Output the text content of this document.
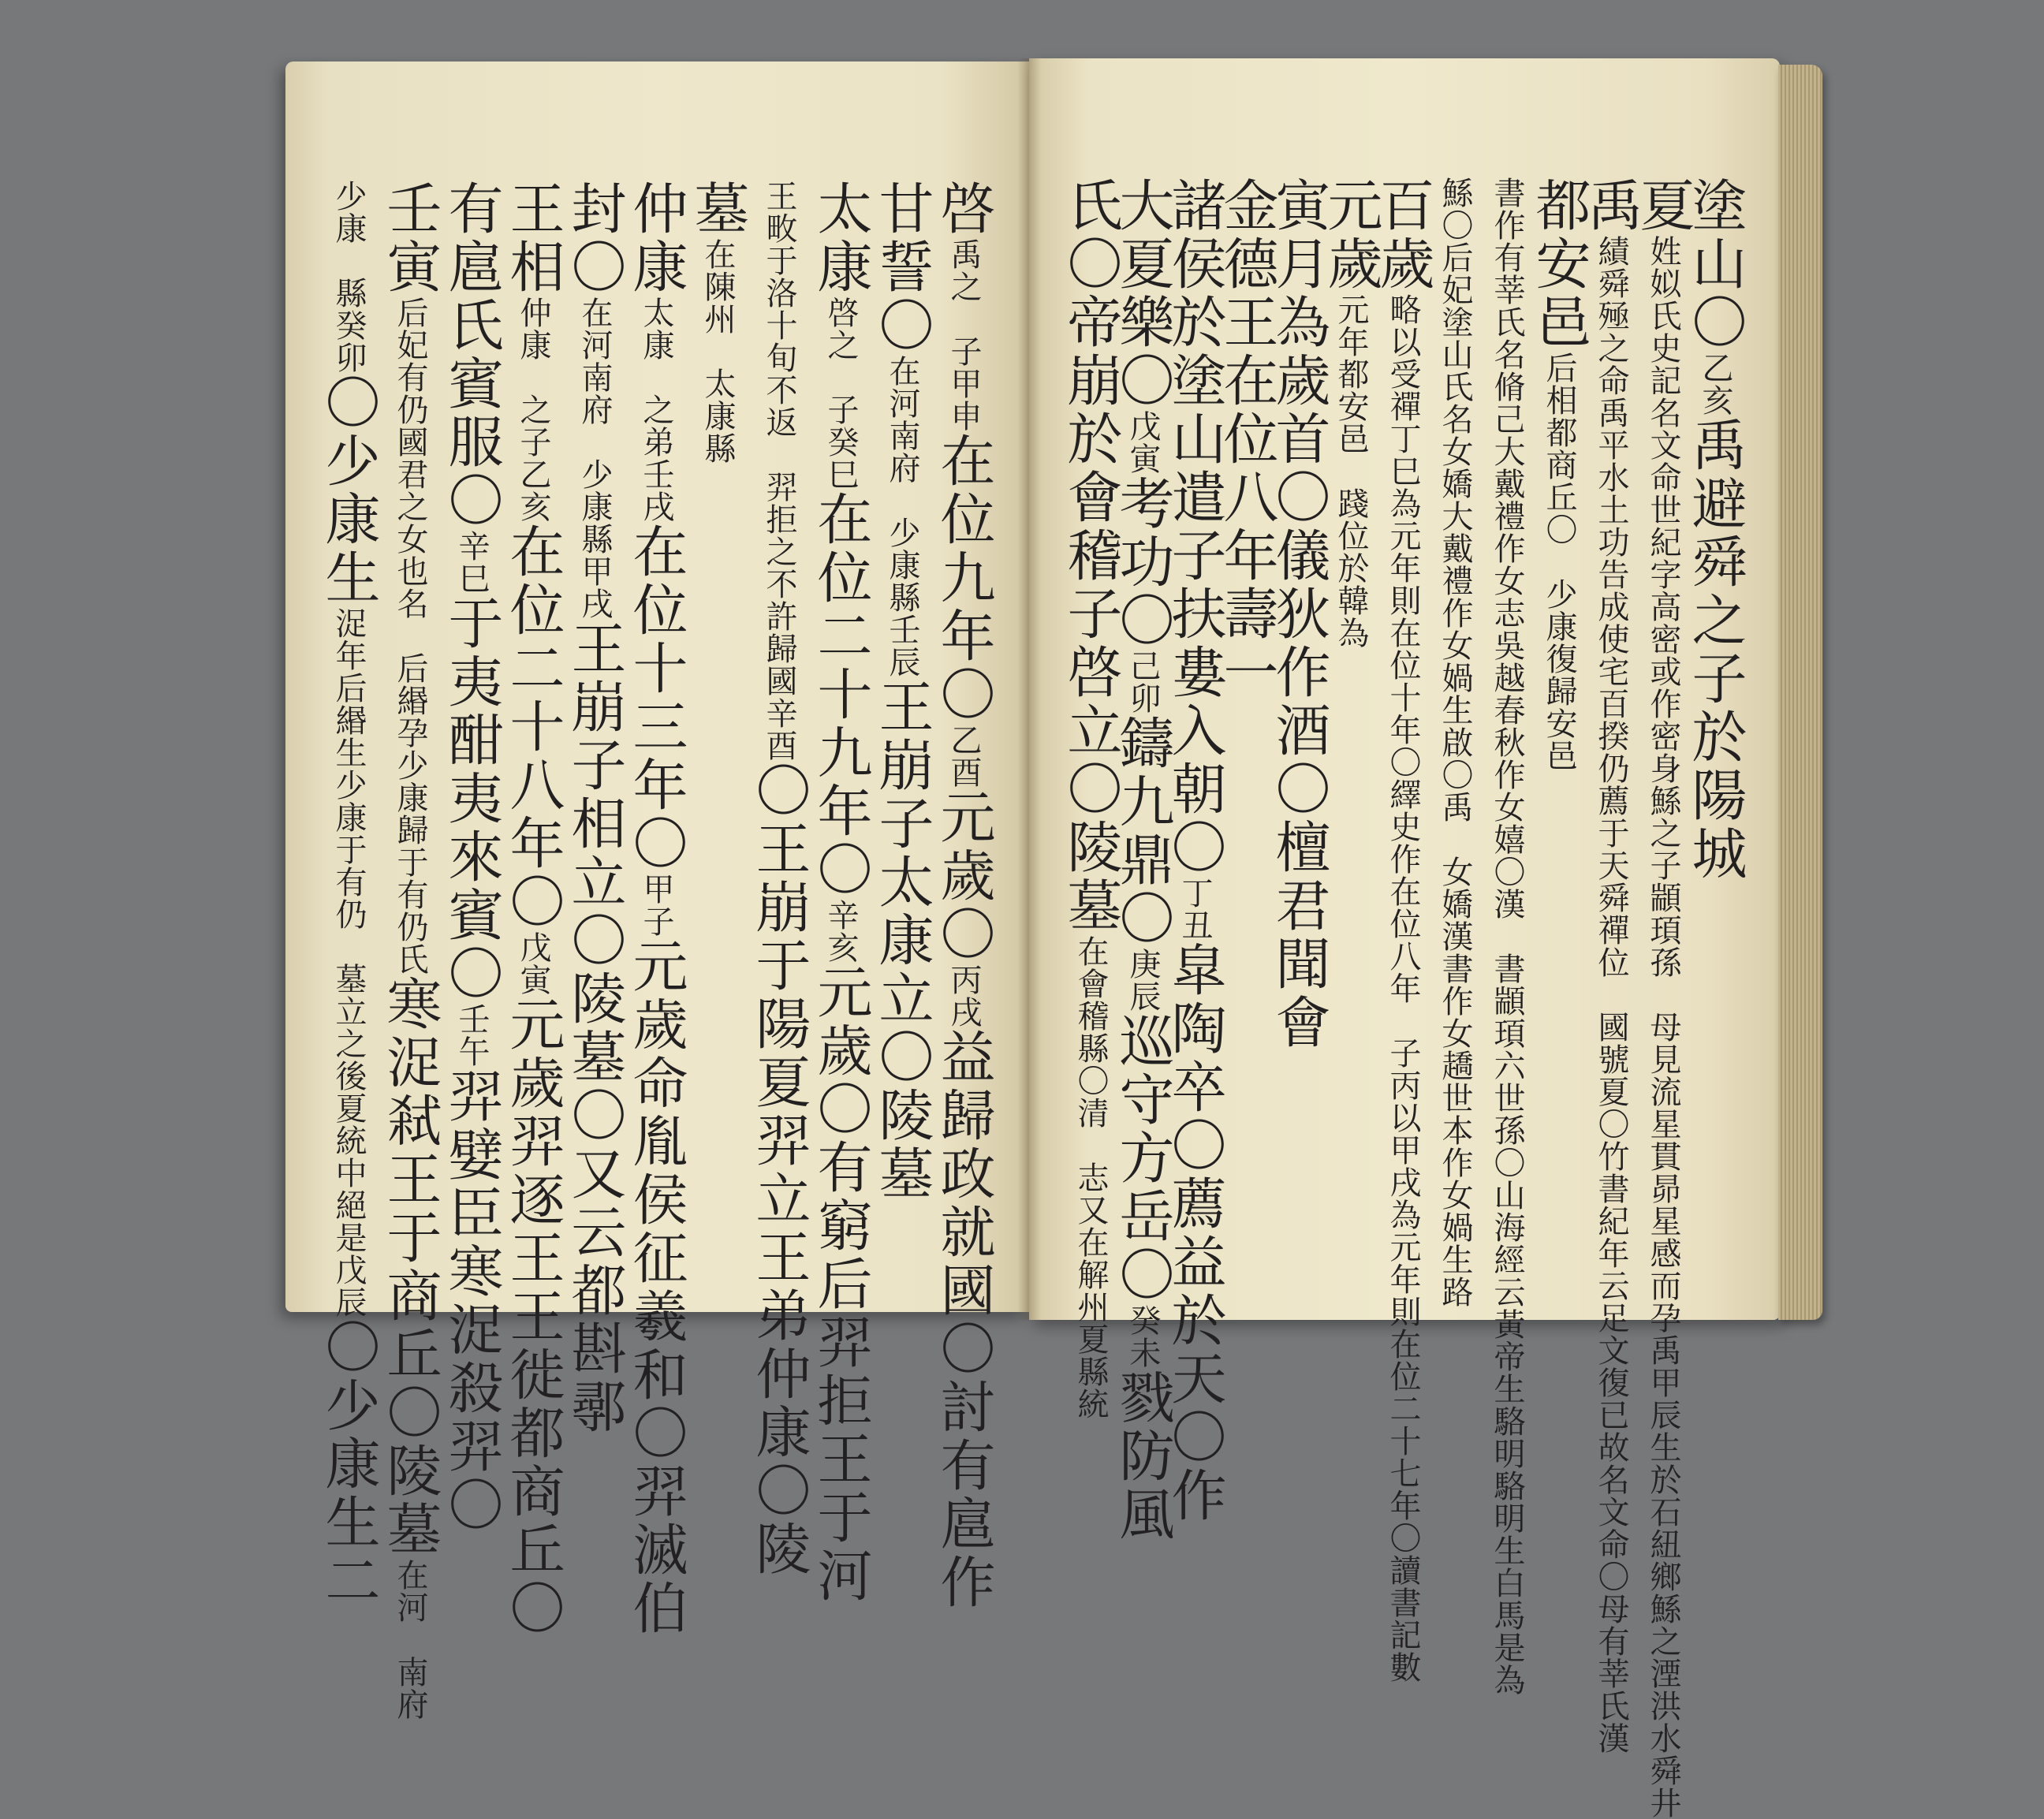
啓禹之　子甲申在位九年〇乙酉元歲〇丙戌益歸政就國〇討有扈作
甘誓〇在河南府　少康縣壬辰王崩子太康立〇陵墓
太康啓之　子癸巳在位二十九年〇辛亥元歲〇有窮后羿拒王于河
王畋于洛十旬不返　羿拒之不許歸國辛酉〇王崩于陽夏羿立王弟仲康〇陵
墓在陳州　太康縣
仲康太康　之弟壬戌在位十三年〇甲子元歲命胤侯征羲和〇羿滅伯
封〇在河南府　少康縣甲戌王崩子相立〇陵墓〇又云都斟鄩
王相仲康　之子乙亥在位二十八年〇戊寅元歲羿逐王王徙都商丘〇
有扈氏賓服〇辛巳于夷酣夷來賓〇壬午羿嬖臣寒浞殺羿〇
壬寅后妃有仍國君之女也名　后緡孕少康歸于有仍氏寒浞弒王于商丘〇陵墓在河　南府
少康　縣癸卯〇少康生浞年后緡生少康于有仍　墓立之後夏統中絕是戊辰〇少康生二
塗山〇乙亥禹避舜之子於陽城
夏姓姒氏史記名文命世紀字高密或作密身鯀之子顓頊孫　母見流星貫昴星感而孕禹甲辰生於石紐鄉鯀之湮洪水舜井
禹績舜殛之命禹平水土功告成使宅百揆仍薦于天舜禪位　國號夏〇竹書紀年云足文復已故名文命〇母有莘氏漢
都安邑后相都商丘〇　少康復歸安邑
書作有莘氏名脩己大戴禮作女志吳越春秋作女嬉〇漢　書顓頊六世孫〇山海經云黃帝生駱明駱明生白馬是為
鯀〇后妃塗山氏名女嬌大戴禮作女媧生啟〇禹　女嬌漢書作女趫世本作女媧生路
百歲略以受禪丁巳為元年則在位十年〇繹史作在位八年　子丙以甲戌為元年則在位二十七年〇讀書記數
元歲元年都安邑　踐位於韓為
寅月為歲首〇儀狄作酒〇檀君聞會
金德王在位八年壽一
諸侯於塗山遣子扶婁入朝〇丁丑皐陶卒〇薦益於天〇作
大夏樂〇戊寅考功〇己卯鑄九鼎〇庚辰巡守方岳〇癸未戮防風
氏〇帝崩於會稽子啓立〇陵墓在會稽縣〇清　志又在解州夏縣統
